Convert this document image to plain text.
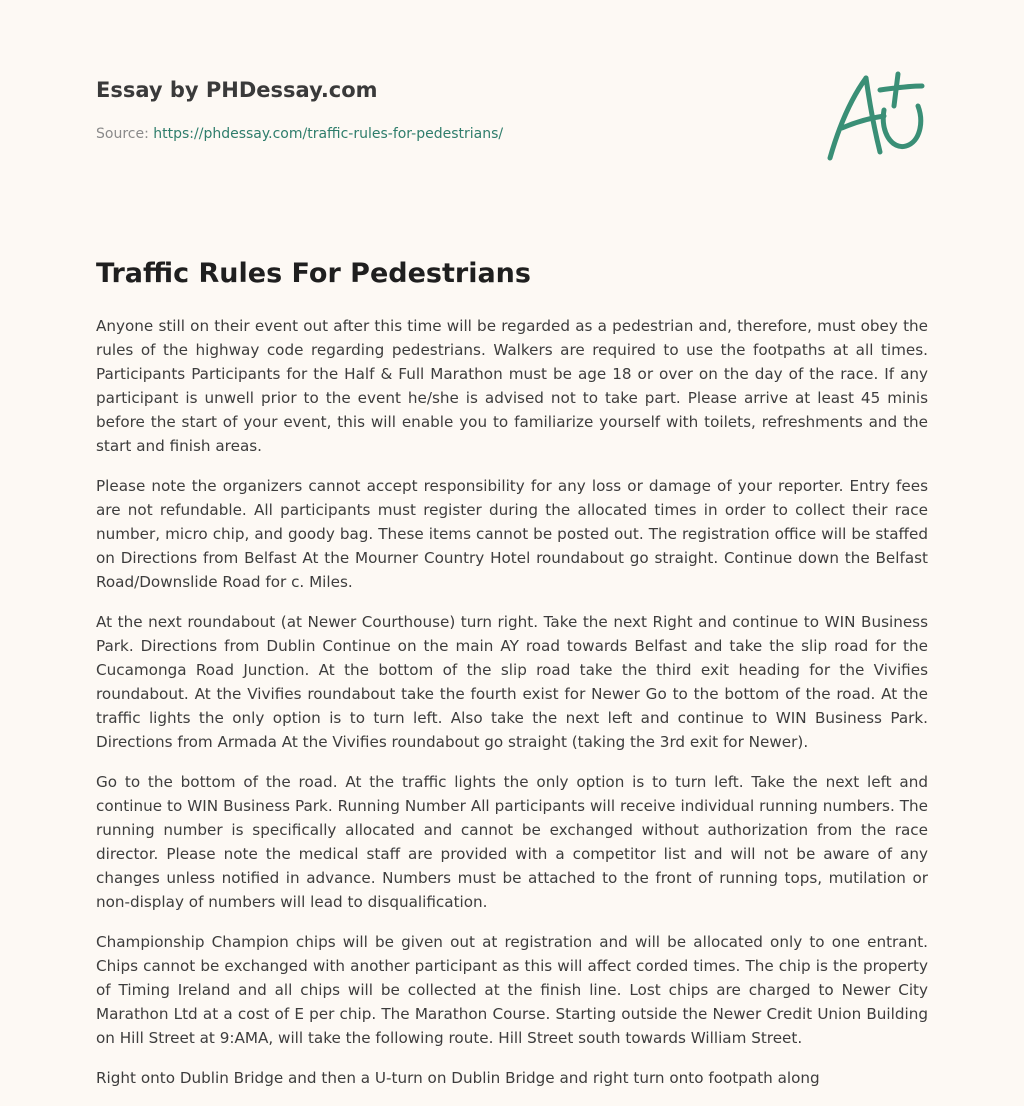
Essay by PHDessay.com

Source: https://phdessay.com/traffic-rules-for-pedestrians/
Traffic Rules For Pedestrians

Anyone still on their event out after this time will be regarded as a pedestrian and, therefore, must obey the rules of the highway code regarding pedestrians. Walkers are required to use the footpaths at all times. Participants Participants for the Half & Full Marathon must be age 18 or over on the day of the race. If any participant is unwell prior to the event he/she is advised not to take part. Please arrive at least 45 minis before the start of your event, this will enable you to familiarize yourself with toilets, refreshments and the start and finish areas.

Please note the organizers cannot accept responsibility for any loss or damage of your reporter. Entry fees are not refundable. All participants must register during the allocated times in order to collect their race number, micro chip, and goody bag. These items cannot be posted out. The registration office will be staffed on Directions from Belfast At the Mourner Country Hotel roundabout go straight. Continue down the Belfast Road/Downslide Road for c. Miles.

At the next roundabout (at Newer Courthouse) turn right. Take the next Right and continue to WIN Business Park. Directions from Dublin Continue on the main AY road towards Belfast and take the slip road for the Cucamonga Road Junction. At the bottom of the slip road take the third exit heading for the Vivifies roundabout. At the Vivifies roundabout take the fourth exist for Newer Go to the bottom of the road. At the traffic lights the only option is to turn left. Also take the next left and continue to WIN Business Park. Directions from Armada At the Vivifies roundabout go straight (taking the 3rd exit for Newer).

Go to the bottom of the road. At the traffic lights the only option is to turn left. Take the next left and continue to WIN Business Park. Running Number All participants will receive individual running numbers. The running number is specifically allocated and cannot be exchanged without authorization from the race director. Please note the medical staff are provided with a competitor list and will not be aware of any changes unless notified in advance. Numbers must be attached to the front of running tops, mutilation or non-display of numbers will lead to disqualification.

Championship Champion chips will be given out at registration and will be allocated only to one entrant. Chips cannot be exchanged with another participant as this will affect corded times. The chip is the property of Timing Ireland and all chips will be collected at the finish line. Lost chips are charged to Newer City Marathon Ltd at a cost of E per chip. The Marathon Course. Starting outside the Newer Credit Union Building on Hill Street at 9:AMA, will take the following route. Hill Street south towards William Street.

Right onto Dublin Bridge and then a U-turn on Dublin Bridge and right turn onto footpath along
